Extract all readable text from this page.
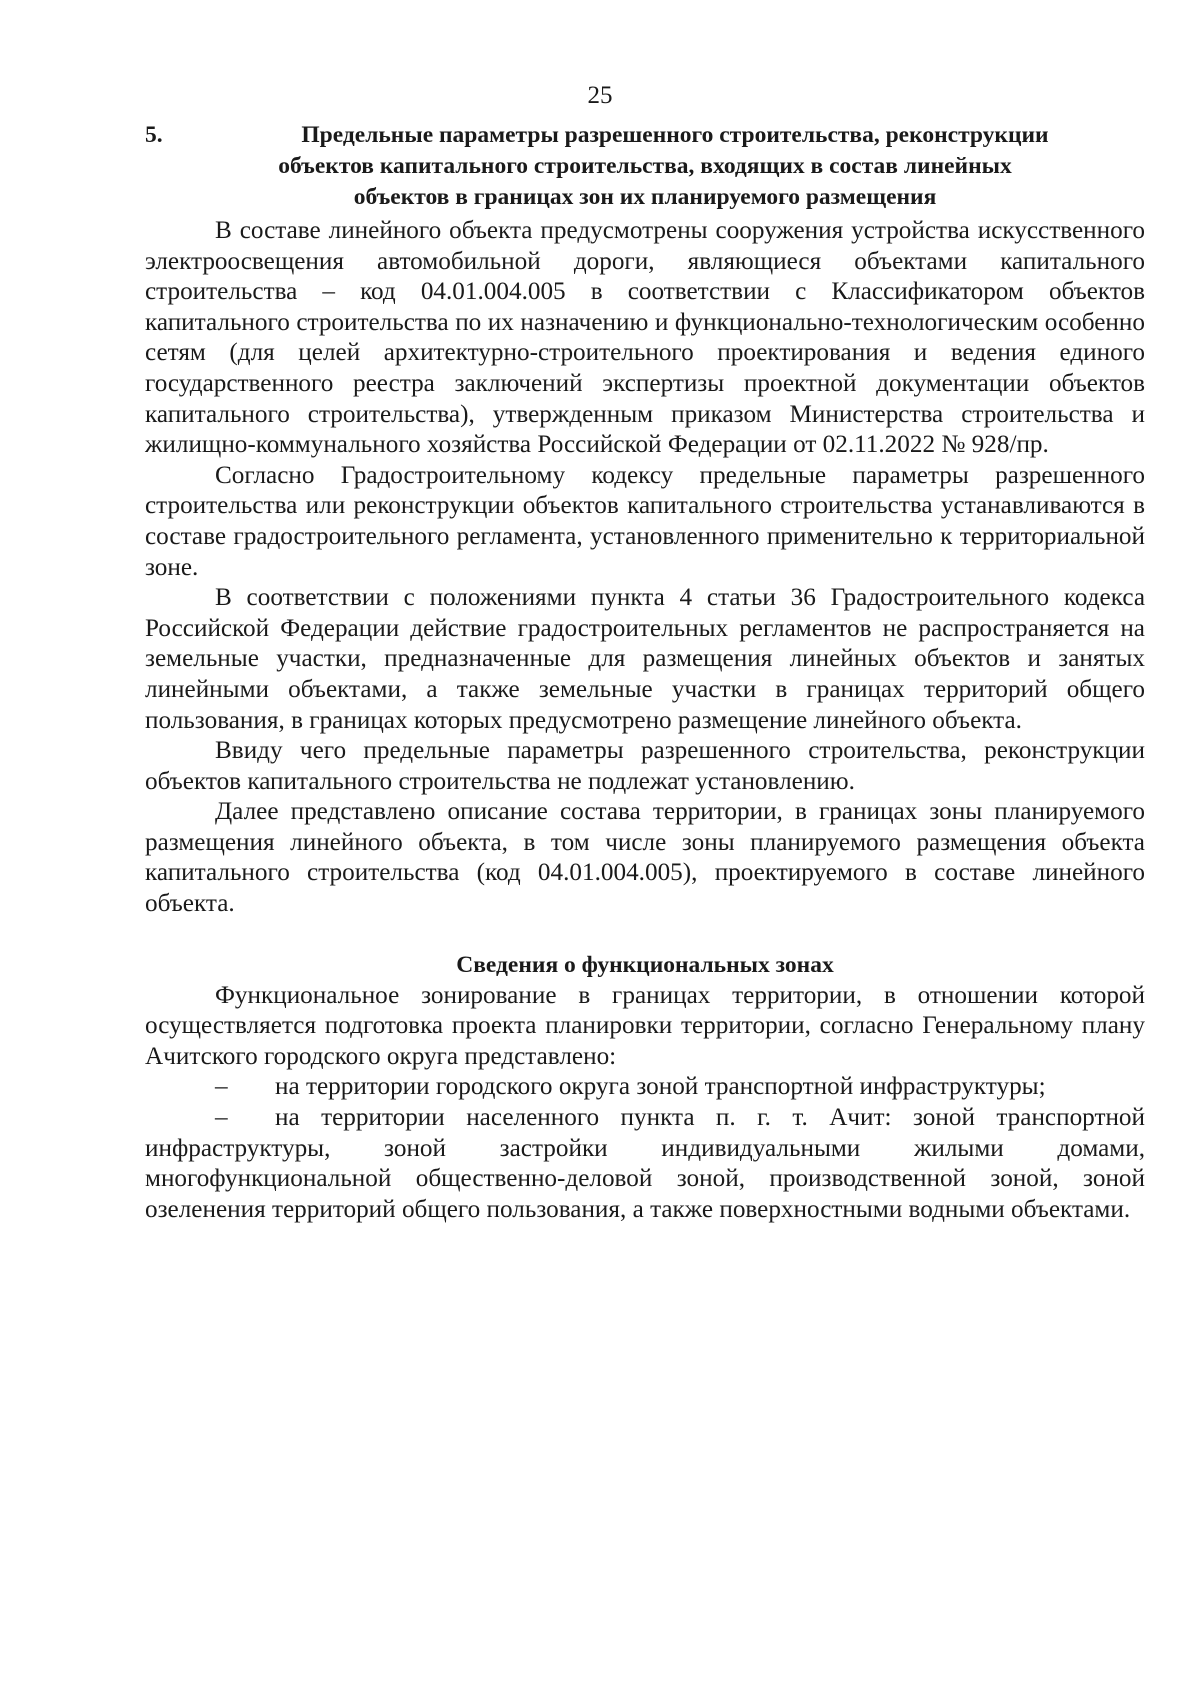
25
5.	Предельные параметры разрешенного строительства, реконструкции
объектов капитального строительства, входящих в состав линейных
объектов в границах зон их планируемого размещения

В составе линейного объекта предусмотрены сооружения устройства искусственного электроосвещения автомобильной дороги, являющиеся объектами капитального строительства – код 04.01.004.005 в соответствии с Классификатором объектов капитального строительства по их назначению и функционально-технологическим особенно сетям (для целей архитектурно-строительного проектирования и ведения единого государственного реестра заключений экспертизы проектной документации объектов капитального строительства), утвержденным приказом Министерства строительства и жилищно-коммунального хозяйства Российской Федерации от 02.11.2022 № 928/пр.

Согласно Градостроительному кодексу предельные параметры разрешенного строительства или реконструкции объектов капитального строительства устанавливаются в составе градостроительного регламента, установленного применительно к территориальной зоне.

В соответствии с положениями пункта 4 статьи 36 Градостроительного кодекса Российской Федерации действие градостроительных регламентов не распространяется на земельные участки, предназначенные для размещения линейных объектов и занятых линейными объектами, а также земельные участки в границах территорий общего пользования, в границах которых предусмотрено размещение линейного объекта.

Ввиду чего предельные параметры разрешенного строительства, реконструкции объектов капитального строительства не подлежат установлению.

Далее представлено описание состава территории, в границах зоны планируемого размещения линейного объекта, в том числе зоны планируемого размещения объекта капитального строительства (код 04.01.004.005), проектируемого в составе линейного объекта.

Сведения о функциональных зонах

Функциональное зонирование в границах территории, в отношении которой осуществляется подготовка проекта планировки территории, согласно Генеральному плану Ачитского городского округа представлено:

– на территории городского округа зоной транспортной инфраструктуры;

– на территории населенного пункта п. г. т. Ачит: зоной транспортной инфраструктуры, зоной застройки индивидуальными жилыми домами, многофункциональной общественно-деловой зоной, производственной зоной, зоной озеленения территорий общего пользования, а также поверхностными водными объектами.
